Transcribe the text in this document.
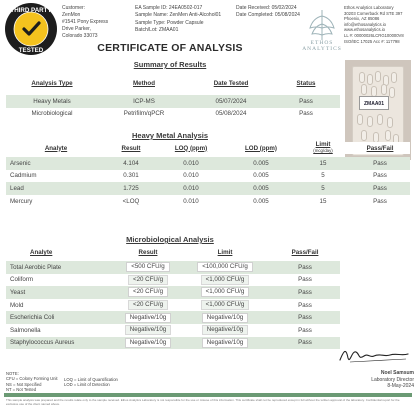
THIRD PARTY
TESTED
Customer:
ZenMon
#1541 Pony Express
Drive Parker,
Colorado 33073
EA Sample ID: 24EA0502-017
Sample Name: ZenMen Anti-Alcohol01
Sample Type: Powder Capsule
Batch/Lot: ZMAA01
Date Received: 05/02/2024
Date Completed: 05/08/2024
ETHOS ANALYTICS
Ethos Analytics Laboratory
30203 Cornerback Rd STE 397
Phoenix, AZ 85086
info@ethosanalytics.io
www.ethosanalytics.io
LL #: 00000026LCRG100000V8
ISO/IEC 17025 Acc #: 117798
CERTIFICATE OF ANALYSIS
Summary of Results
Analysis Type	Method	Date Tested	Status

Heavy Metals	ICP-MS	05/07/2024	Pass
Microbiological	Petrifilm/qPCR	05/08/2024	Pass
ZMAA01
Heavy Metal Analysis
Analyte	Result	LOQ (ppm)	LOD (ppm)	Limit
(mcg/day)	Pass/Fail

Arsenic	4.104	0.010	0.005	15	Pass
Cadmium	0.301	0.010	0.005	5	Pass
Lead	1.725	0.010	0.005	5	Pass
Mercury	<LOQ	0.010	0.005	15	Pass
Microbiological Analysis
Analyte	Result	Limit	Pass/Fail

Total Aerobic Plate	<500 CFU/g	<100,000 CFU/g	Pass
Coliform	<20 CFU/g	<1,000 CFU/g	Pass
Yeast	<20 CFU/g	<1,000 CFU/g	Pass
Mold	<20 CFU/g	<1,000 CFU/g	Pass
Escherichia Coli	Negative/10g	Negative/10g	Pass
Salmonella	Negative/10g	Negative/10g	Pass
Staphylococcus Aureus	Negative/10g	Negative/10g	Pass
NOTE:
CFU = Colony Forming Unit
NS = Not Specified
NT = Not Tested
LOQ = Limit of Quantification
LOD = Limit of Detection
Noel Samsum
Laboratory Director
8-May-2024
This sample analysis was prepared and the results relate only to the sample received. Ethos Analytics Laboratory is not responsible for the use or misuse of this information. This certificate shall not be reproduced except in full without the written approval of the laboratory. Confidential report for the exclusive use of the client named above.
